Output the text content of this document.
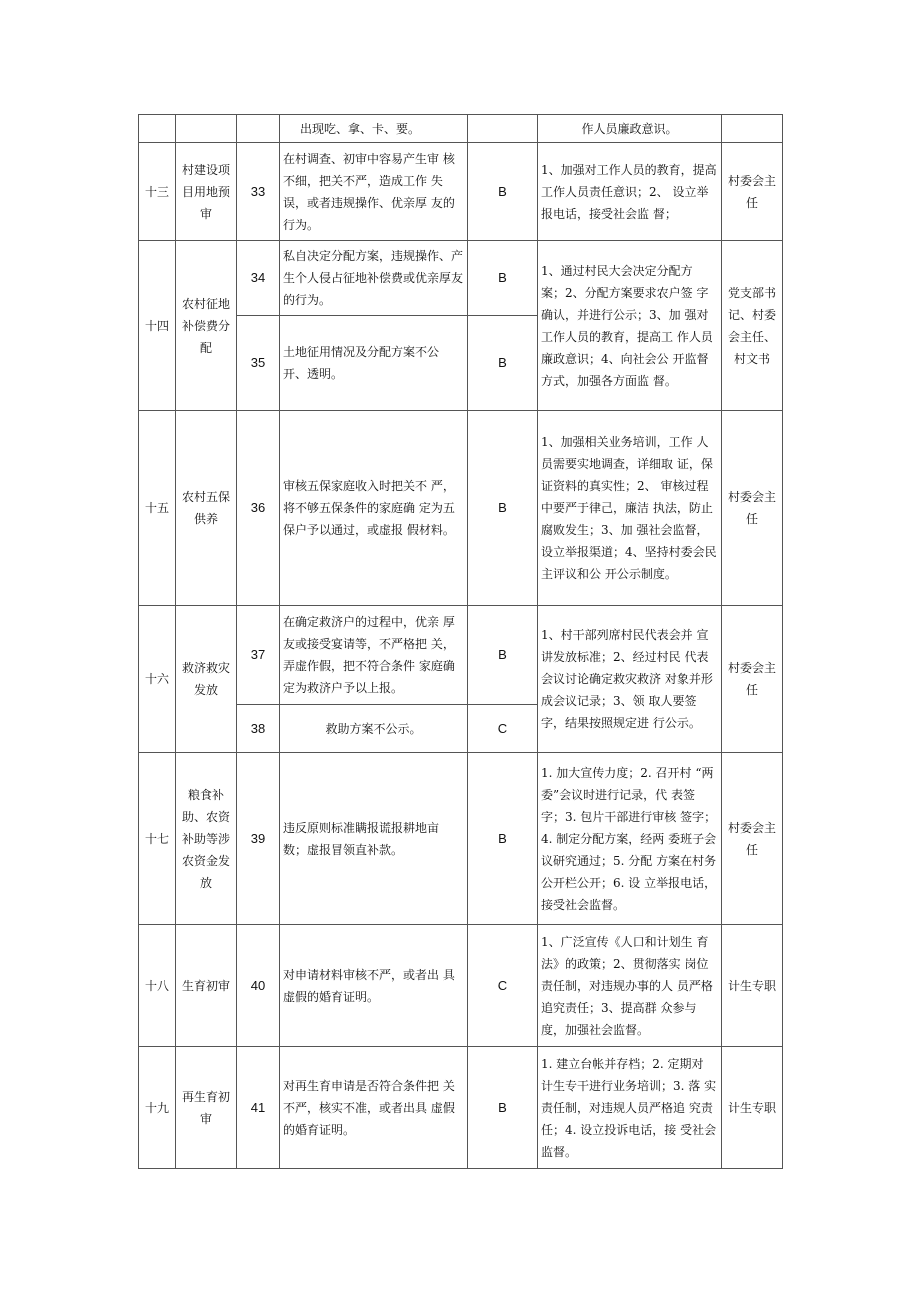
			出现吃、拿、卡、要。		作人员廉政意识。	
十三	村建设项目用地预审	33	在村调查、初审中容易产生审 核不细，把关不严，造成工作 失误，或者违规操作、优亲厚 友的行为。	B	1、加强对工作人员的教育，提高工作人员责任意识；2、 设立举报电话，接受社会监 督；	村委会主任
十四	农村征地补偿费分配	34	私自决定分配方案，违规操作、产生个人侵占征地补偿费或优亲厚友的行为。	B	1、通过村民大会决定分配方 案；2、分配方案要求农户签 字确认，并进行公示；3、加 强对工作人员的教育，提高工 作人员廉政意识；4、向社会公 开监督方式，加强各方面监 督。	党支部书记、村委会主任、 村文书
		35	土地征用情况及分配方案不公 开、透明。	B		
十五	农村五保供养	36	审核五保家庭收入时把关不 严，将不够五保条件的家庭确 定为五保户予以通过，或虚报 假材料。	B	1、加强相关业务培训，工作 人员需要实地调查，详细取 证，保证资料的真实性；2、 审核过程中要严于律己，廉洁 执法，防止腐败发生；3、加 强社会监督，设立举报渠道；4、坚持村委会民主评议和公 开公示制度。	村委会主任
十六	救济救灾发放	37	在确定救济户的过程中，优亲 厚友或接受宴请等，不严格把 关，弄虚作假，把不符合条件 家庭确定为救济户予以上报。	B	1、村干部列席村民代表会并 宣讲发放标准；2、经过村民 代表会议讨论确定救灾救济 对象并形成会议记录；3、领 取人要签字，结果按照规定进 行公示。	村委会主任
		38	救助方案不公示。	C		
十七	粮食补助、农资补助等涉农资金发放	39	违反原则标准瞒报谎报耕地亩 数；虚报冒领直补款。	B	1. 加大宣传力度；2. 召开村 “两委”会议时进行记录，代 表签字；3. 包片干部进行审核 签字；4. 制定分配方案，经两 委班子会议研究通过；5. 分配 方案在村务公开栏公开；6. 设 立举报电话，接受社会监督。	村委会主任
十八	生育初审	40	对申请材料审核不严，或者出 具虚假的婚育证明。	C	1、广泛宣传《人口和计划生 育法》的政策；2、贯彻落实 岗位责任制，对违规办事的人 员严格追究责任；3、提高群 众参与度，加强社会监督。	计生专职
十九	再生育初审	41	对再生育申请是否符合条件把 关不严，核实不准，或者出具 虚假的婚育证明。	B	1. 建立台帐并存档；2. 定期对 计生专干进行业务培训；3. 落 实责任制，对违规人员严格追 究责任；4. 设立投诉电话，接 受社会监督。	计生专职
